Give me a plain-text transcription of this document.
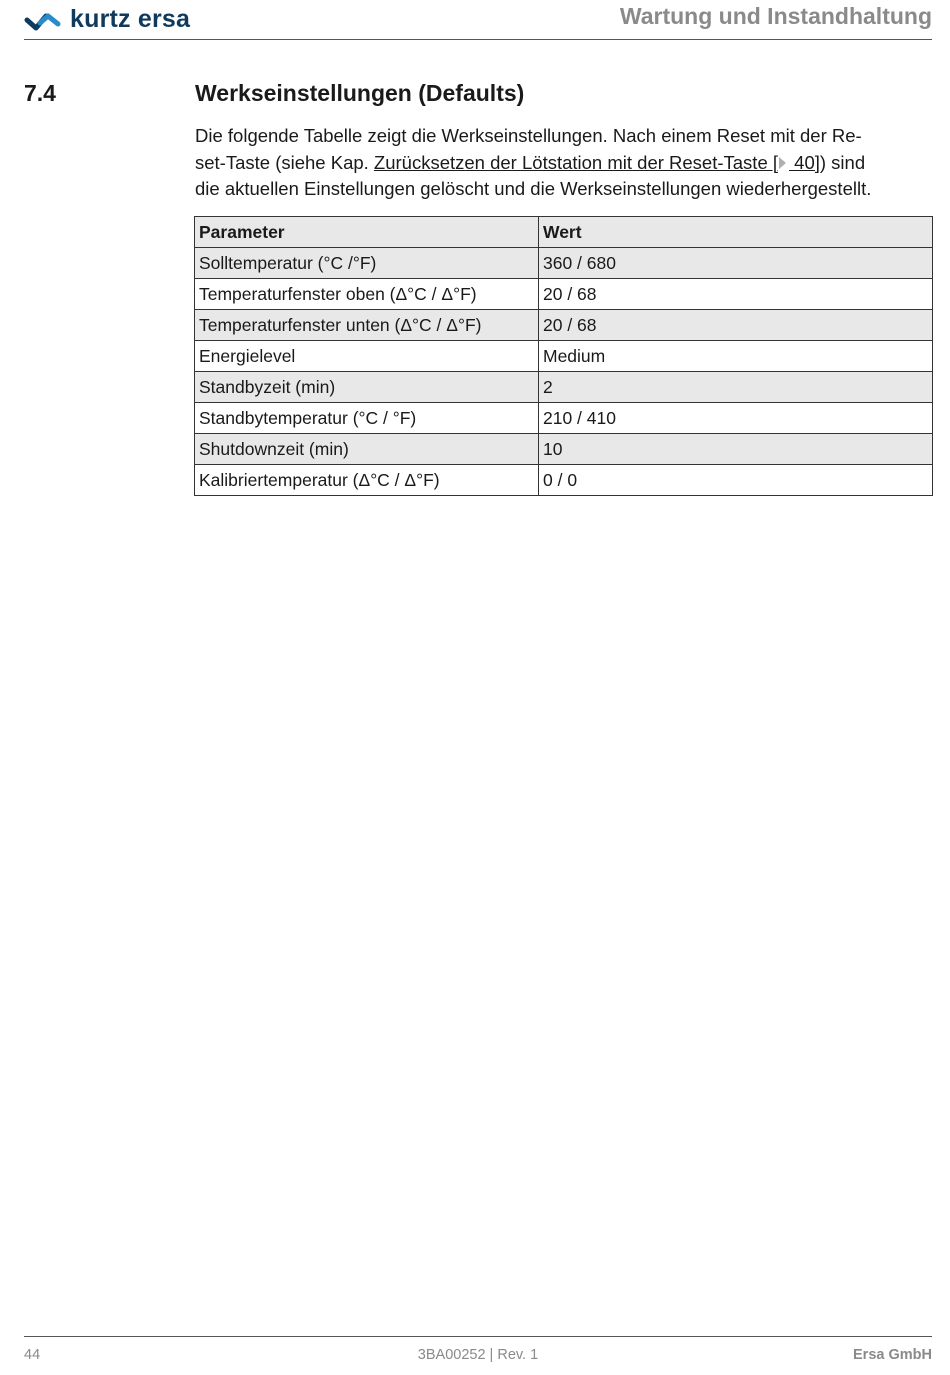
kurtz ersa	Wartung und Instandhaltung
7.4	Werkseinstellungen (Defaults)
Die folgende Tabelle zeigt die Werkseinstellungen. Nach einem Reset mit der Re-
set-Taste (siehe Kap. Zurücksetzen der Lötstation mit der Reset-Taste [ 40]) sind
die aktuellen Einstellungen gelöscht und die Werkseinstellungen wiederhergestellt.
Parameter	Wert
Solltemperatur (°C /°F)	360 / 680
Temperaturfenster oben (Δ°C / Δ°F)	20 / 68
Temperaturfenster unten (Δ°C / Δ°F)	20 / 68
Energielevel	Medium
Standbyzeit (min)	2
Standbytemperatur (°C / °F)	210 / 410
Shutdownzeit (min)	10
Kalibriertemperatur (Δ°C / Δ°F)	0 / 0
44	3BA00252 | Rev. 1	Ersa GmbH
